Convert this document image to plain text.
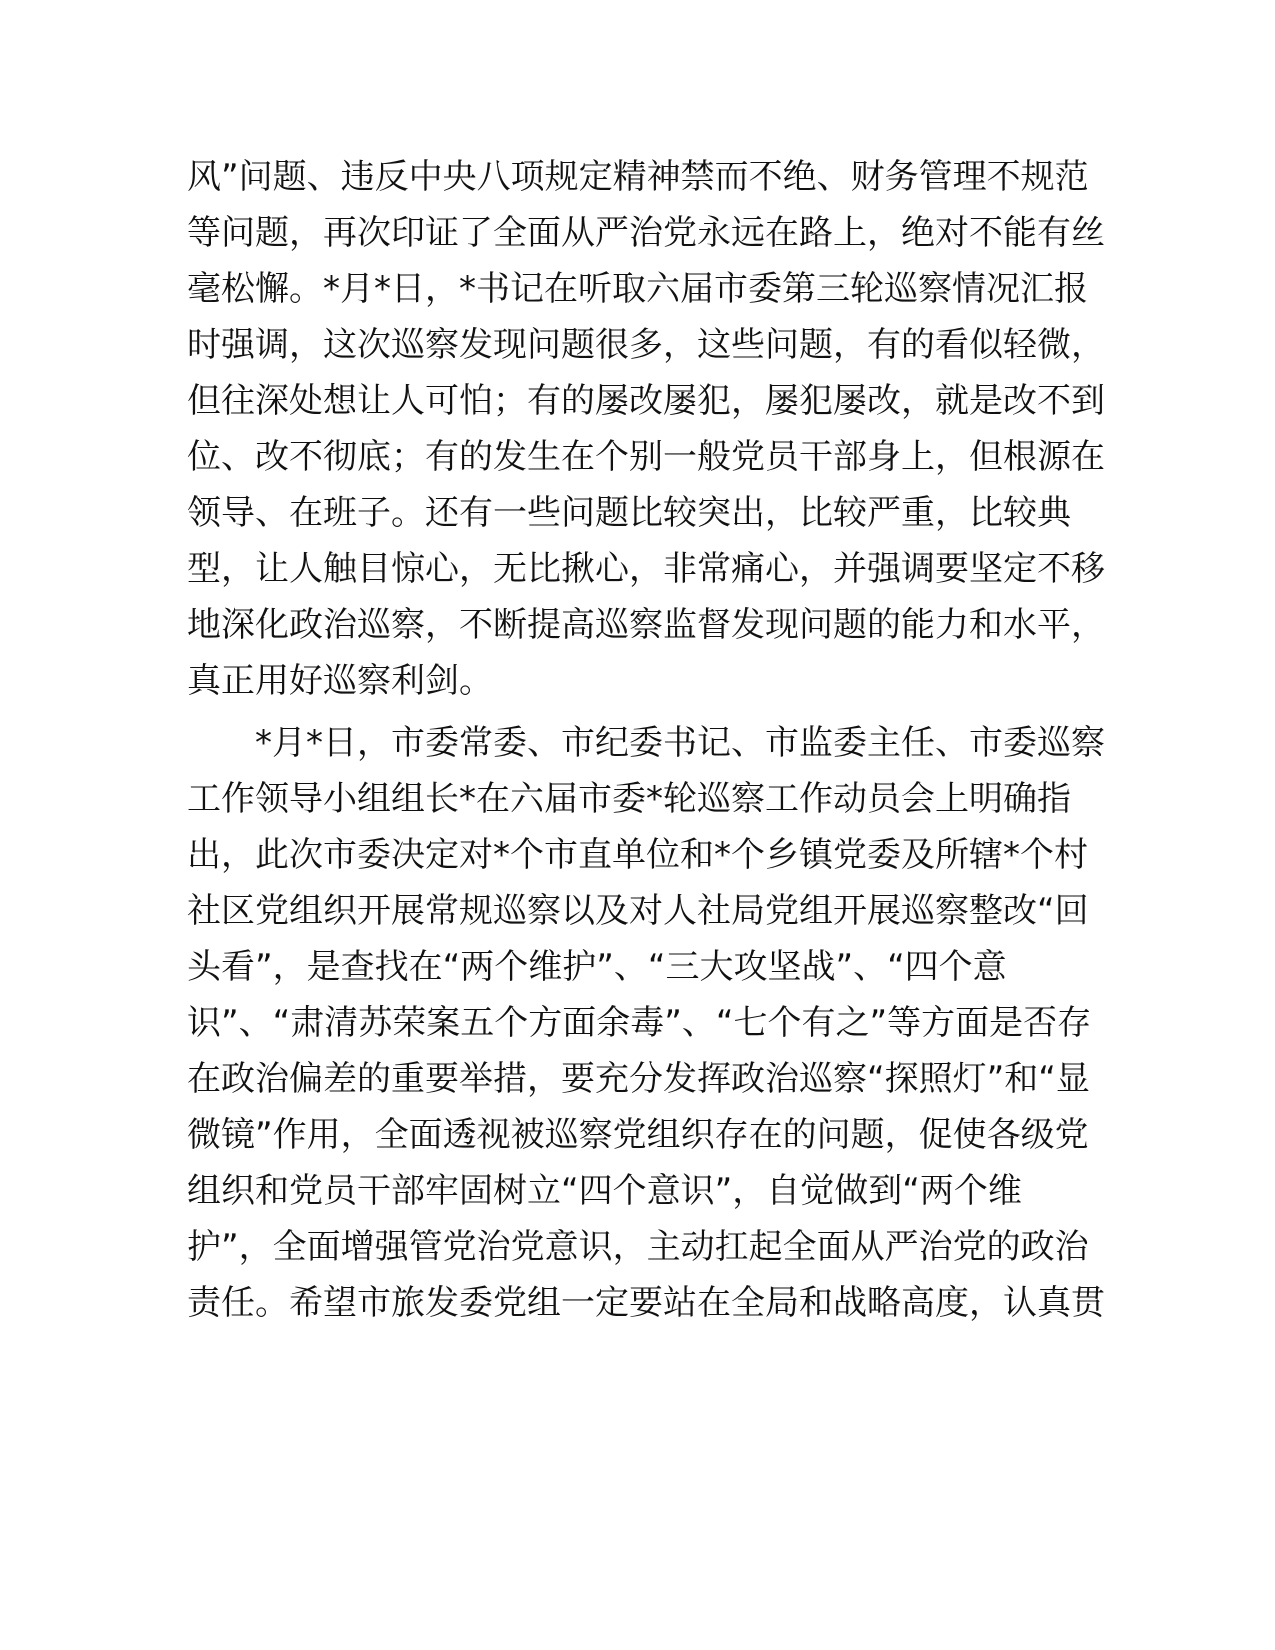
风”问题、违反中央八项规定精神禁而不绝、财务管理不规范
等问题，再次印证了全面从严治党永远在路上，绝对不能有丝
毫松懈。*月*日，*书记在听取六届市委第三轮巡察情况汇报
时强调，这次巡察发现问题很多，这些问题，有的看似轻微，
但往深处想让人可怕；有的屡改屡犯，屡犯屡改，就是改不到
位、改不彻底；有的发生在个别一般党员干部身上，但根源在
领导、在班子。还有一些问题比较突出，比较严重，比较典
型，让人触目惊心，无比揪心，非常痛心，并强调要坚定不移
地深化政治巡察，不断提高巡察监督发现问题的能力和水平，
真正用好巡察利剑。
*月*日，市委常委、市纪委书记、市监委主任、市委巡察
工作领导小组组长*在六届市委*轮巡察工作动员会上明确指
出，此次市委决定对*个市直单位和*个乡镇党委及所辖*个村
社区党组织开展常规巡察以及对人社局党组开展巡察整改“回
头看”，是查找在“两个维护”、“三大攻坚战”、“四个意
识”、“肃清苏荣案五个方面余毒”、“七个有之”等方面是否存
在政治偏差的重要举措，要充分发挥政治巡察“探照灯”和“显
微镜”作用，全面透视被巡察党组织存在的问题，促使各级党
组织和党员干部牢固树立“四个意识”，自觉做到“两个维
护”，全面增强管党治党意识，主动扛起全面从严治党的政治
责任。希望市旅发委党组一定要站在全局和战略高度，认真贯
